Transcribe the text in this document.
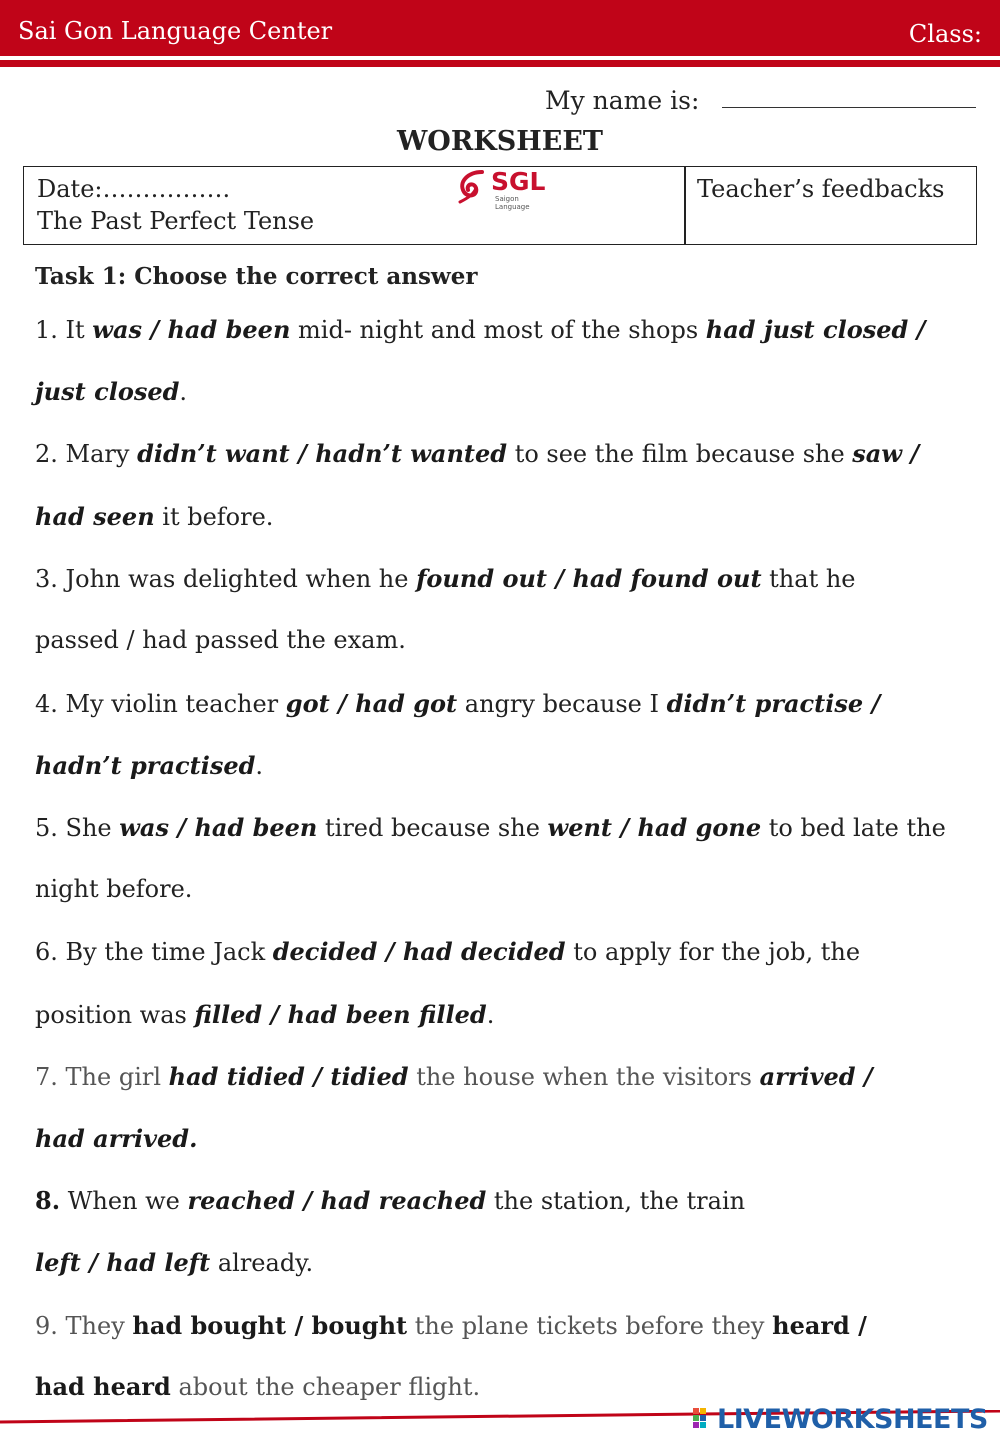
Sai Gon Language Center	Class:
My name is:
WORKSHEET
Date:…………….
The Past Perfect Tense
SGL
Saigon Language
Teacher’s feedbacks
Task 1: Choose the correct answer
1. It was / had been mid- night and most of the shops had just closed /
just closed.
2. Mary didn’t want / hadn’t wanted to see the film because she saw /
had seen it before.
3. John was delighted when he found out / had found out that he
passed / had passed the exam.
4. My violin teacher got / had got angry because I didn’t practise /
hadn’t practised.
5. She was / had been tired because she went / had gone to bed late the
night before.
6. By the time Jack decided / had decided to apply for the job, the
position was filled / had been filled.
7. The girl had tidied / tidied the house when the visitors arrived /
had arrived.
8. When we reached / had reached the station, the train
left / had left already.
9. They had bought / bought the plane tickets before they heard /
had heard about the cheaper flight.
LIVEWORKSHEETS
